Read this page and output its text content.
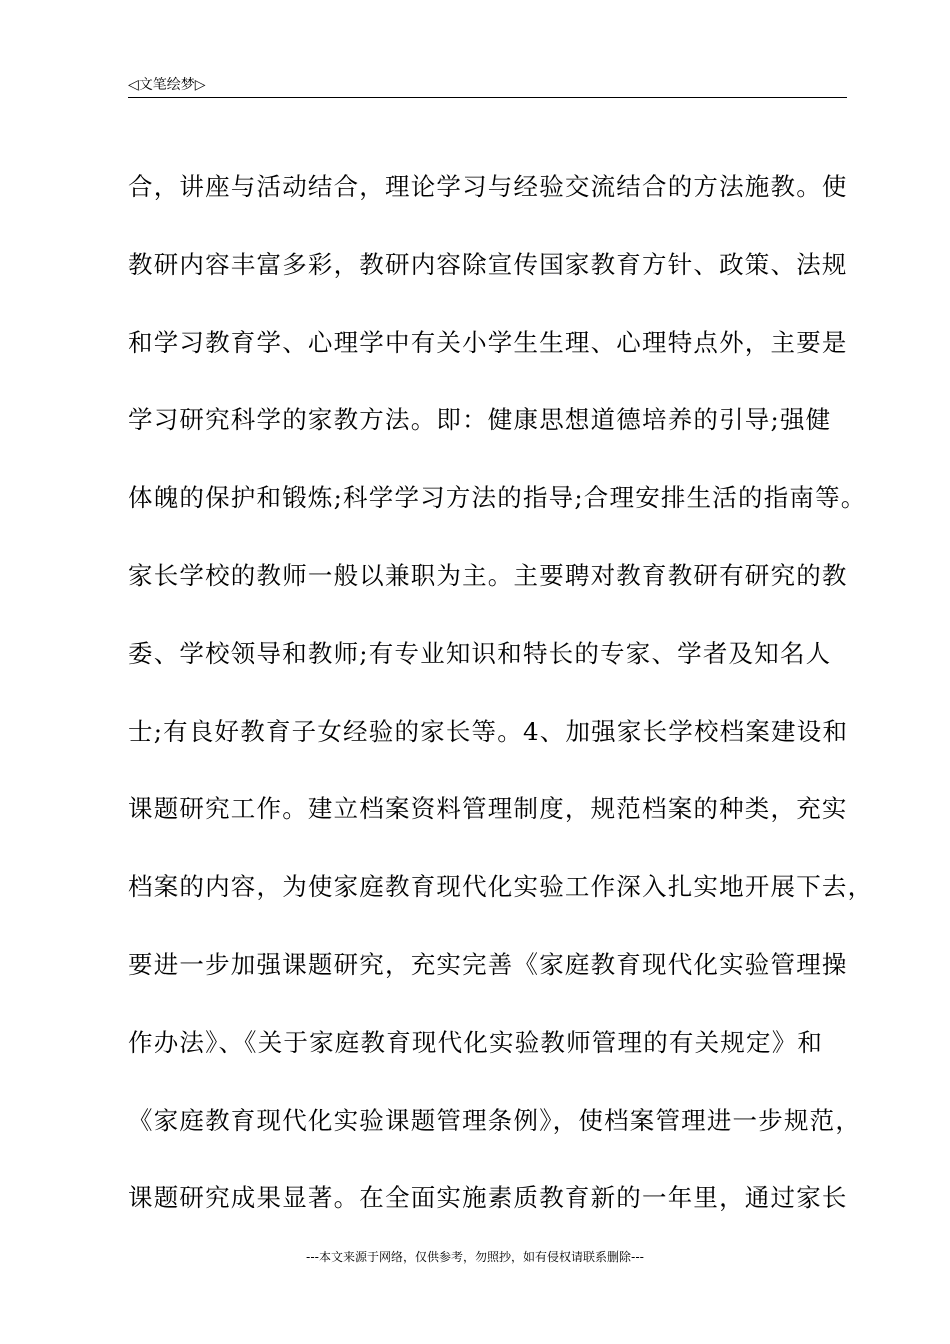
◁文笔绘梦▷
合，讲座与活动结合，理论学习与经验交流结合的方法施教。使
教研内容丰富多彩，教研内容除宣传国家教育方针、政策、法规
和学习教育学、心理学中有关小学生生理、心理特点外，主要是
学习研究科学的家教方法。即：健康思想道德培养的引导;强健
体魄的保护和锻炼;科学学习方法的指导;合理安排生活的指南等。
家长学校的教师一般以兼职为主。主要聘对教育教研有研究的教
委、学校领导和教师;有专业知识和特长的专家、学者及知名人
士;有良好教育子女经验的家长等。4、加强家长学校档案建设和
课题研究工作。建立档案资料管理制度，规范档案的种类，充实
档案的内容，为使家庭教育现代化实验工作深入扎实地开展下去，
要进一步加强课题研究，充实完善《家庭教育现代化实验管理操
作办法》、《关于家庭教育现代化实验教师管理的有关规定》和
《家庭教育现代化实验课题管理条例》，使档案管理进一步规范，
课题研究成果显著。在全面实施素质教育新的一年里，通过家长
---本文来源于网络，仅供参考，勿照抄，如有侵权请联系删除---
